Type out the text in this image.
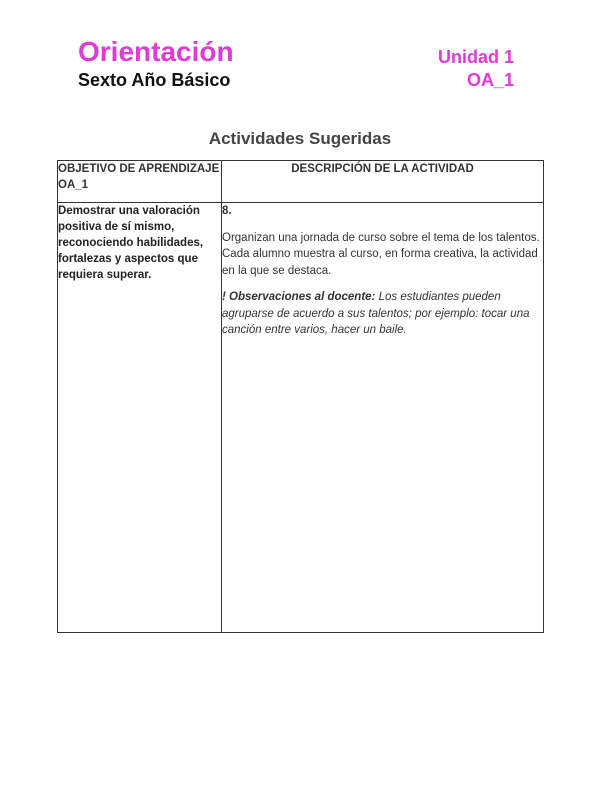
Orientación
Sexto Año Básico
Unidad 1
OA_1
Actividades Sugeridas
OBJETIVO DE APRENDIZAJE OA_1	DESCRIPCIÓN DE LA ACTIVIDAD
Demostrar una valoración positiva de sí mismo, reconociendo habilidades, fortalezas y aspectos que requiera superar.	8.

Organizan una jornada de curso sobre el tema de los talentos. Cada alumno muestra al curso, en forma creativa, la actividad en la que se destaca.

! Observaciones al docente: Los estudiantes pueden agruparse de acuerdo a sus talentos; por ejemplo: tocar una canción entre varios, hacer un baile.
